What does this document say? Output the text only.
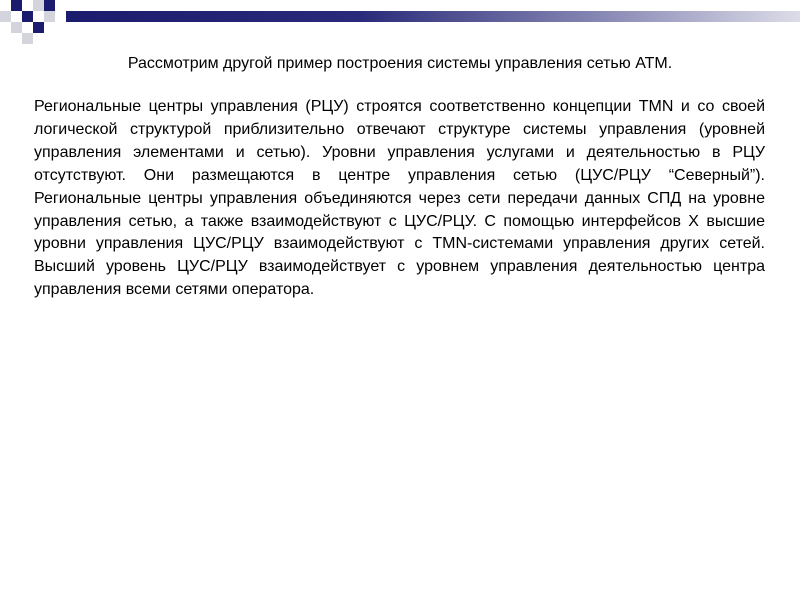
Рассмотрим другой пример построения системы управления сетью АТМ.
Региональные центры управления (РЦУ) строятся соответственно концепции TMN и со своей логической структурой приблизительно отвечают структуре системы управления (уровней управления элементами и сетью). Уровни управления услугами и деятельностью в РЦУ отсутствуют. Они размещаются в центре управления сетью (ЦУС/РЦУ “Северный”). Региональные центры управления объединяются через сети передачи данных СПД на уровне управления сетью, а также взаимодействуют с ЦУС/РЦУ. С помощью интерфейсов X высшие уровни управления ЦУС/РЦУ взаимодействуют с TMN-системами управления других сетей. Высший уровень ЦУС/РЦУ взаимодействует с уровнем управления деятельностью центра управления всеми сетями оператора.
